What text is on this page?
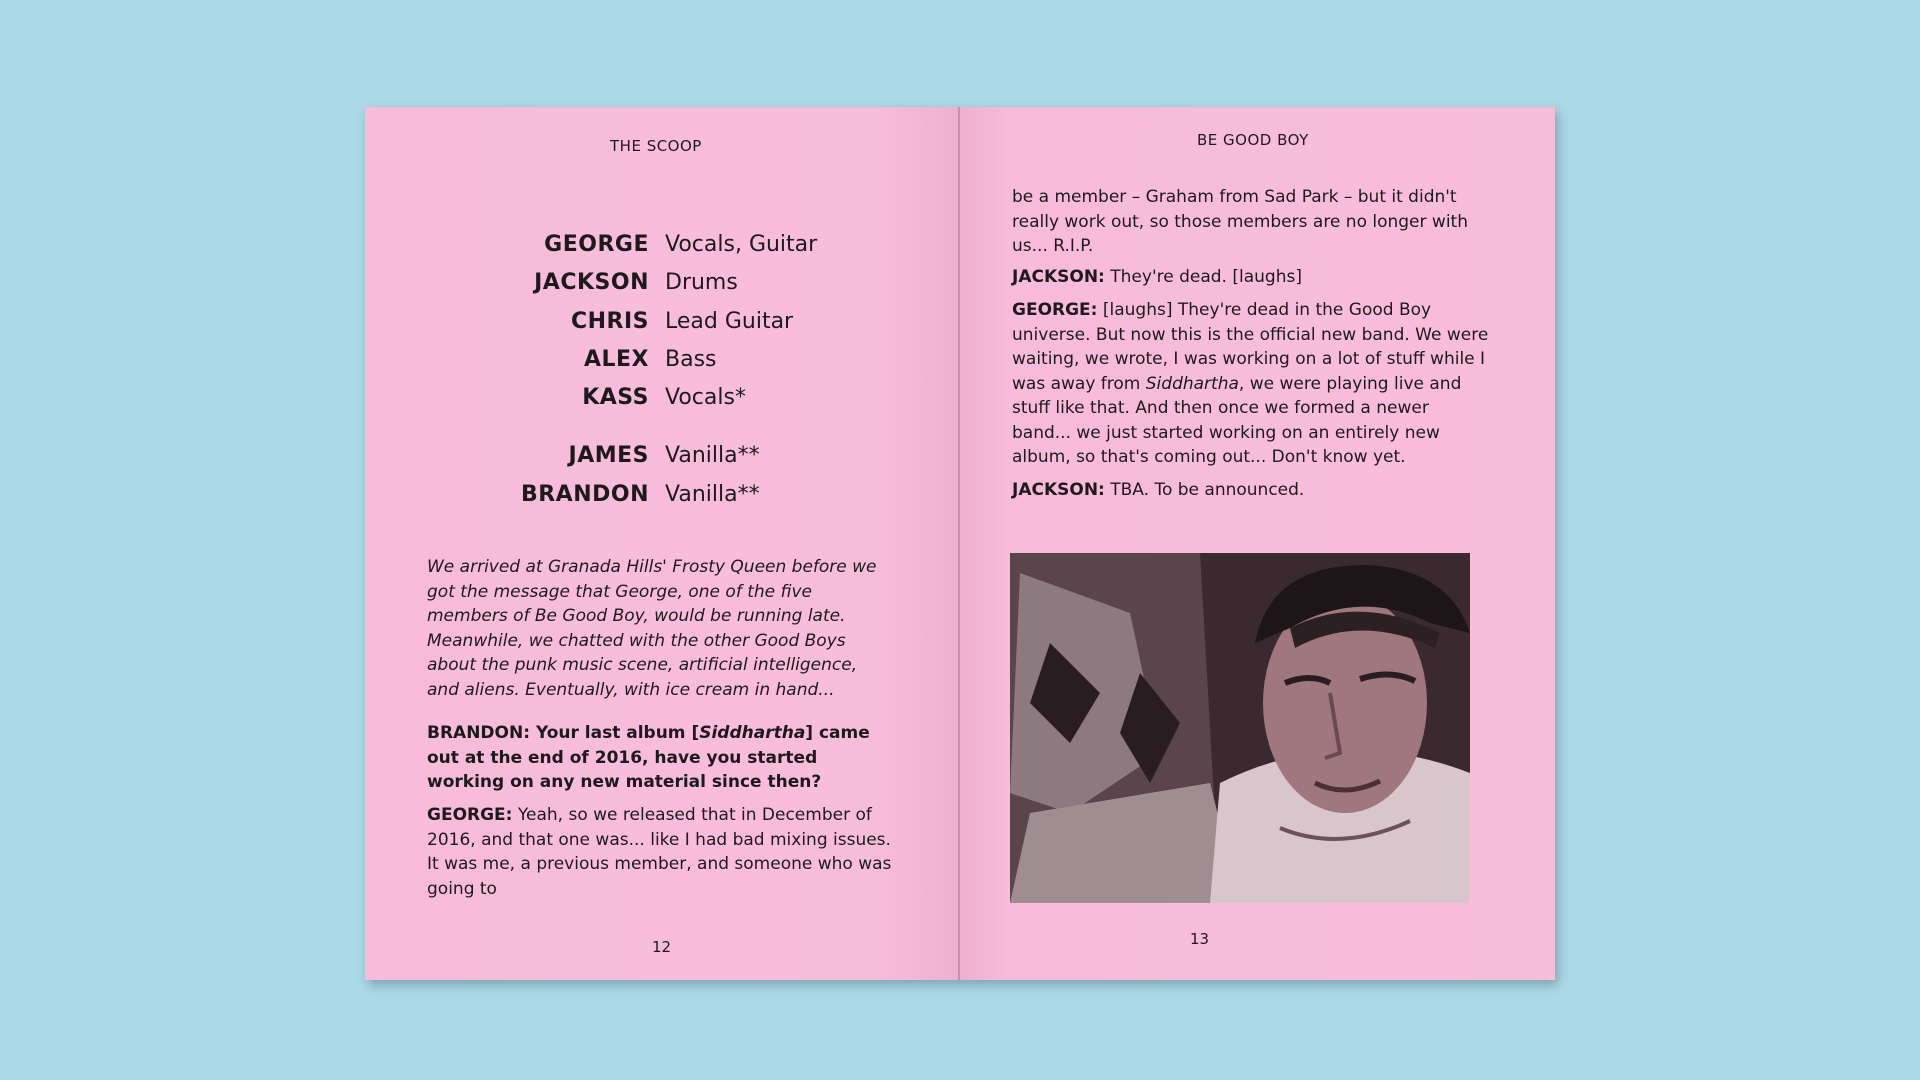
THE SCOOP
GEORGE Vocals, Guitar
JACKSON Drums
CHRIS Lead Guitar
ALEX Bass
KASS Vocals*
JAMES Vanilla**
BRANDON Vanilla**

We arrived at Granada Hills' Frosty Queen before we got the message that George, one of the five members of Be Good Boy, would be running late. Meanwhile, we chatted with the other Good Boys about the punk music scene, artificial intelligence, and aliens. Eventually, with ice cream in hand...

BRANDON: Your last album [Siddhartha] came out at the end of 2016, have you started working on any new material since then?

GEORGE: Yeah, so we released that in December of 2016, and that one was... like I had bad mixing issues. It was me, a previous member, and someone who was going to

12
BE GOOD BOY

be a member – Graham from Sad Park – but it didn't really work out, so those members are no longer with us... R.I.P.

JACKSON: They're dead. [laughs]

GEORGE: [laughs] They're dead in the Good Boy universe. But now this is the official new band. We were waiting, we wrote, I was working on a lot of stuff while I was away from Siddhartha, we were playing live and stuff like that. And then once we formed a newer band... we just started working on an entirely new album, so that's coming out... Don't know yet.

JACKSON: TBA. To be announced.

13
